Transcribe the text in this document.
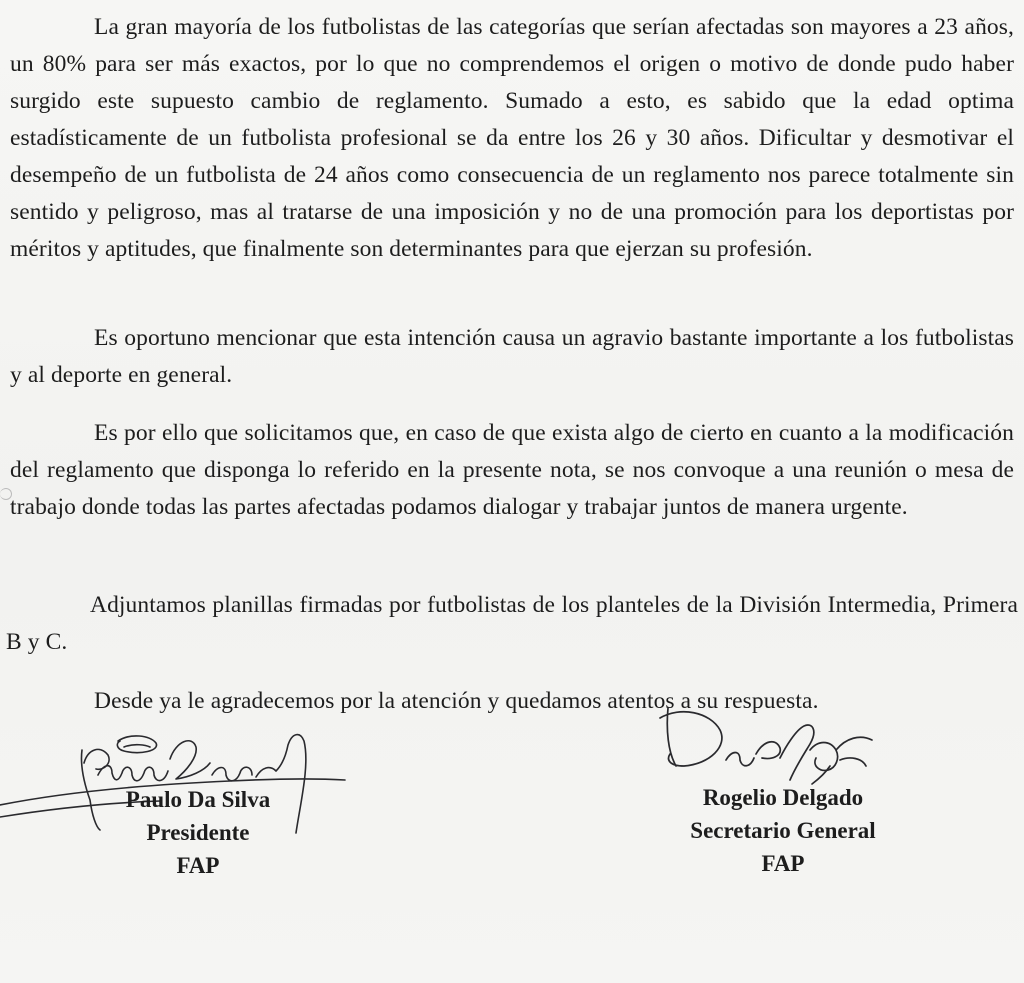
La gran mayoría de los futbolistas de las categorías que serían afectadas son mayores a 23 años, un 80% para ser más exactos, por lo que no comprendemos el origen o motivo de donde pudo haber surgido este supuesto cambio de reglamento. Sumado a esto, es sabido que la edad optima estadísticamente de un futbolista profesional se da entre los 26 y 30 años. Dificultar y desmotivar el desempeño de un futbolista de 24 años como consecuencia de un reglamento nos parece totalmente sin sentido y peligroso, mas al tratarse de una imposición y no de una promoción para los deportistas por méritos y aptitudes, que finalmente son determinantes para que ejerzan su profesión.

Es oportuno mencionar que esta intención causa un agravio bastante importante a los futbolistas y al deporte en general.

Es por ello que solicitamos que, en caso de que exista algo de cierto en cuanto a la modificación del reglamento que disponga lo referido en la presente nota, se nos convoque a una reunión o mesa de trabajo donde todas las partes afectadas podamos dialogar y trabajar juntos de manera urgente.

Adjuntamos planillas firmadas por futbolistas de los planteles de la División Intermedia, Primera B y C.

Desde ya le agradecemos por la atención y quedamos atentos a su respuesta.

Paulo Da Silva
Presidente
FAP
Rogelio Delgado
Secretario General
FAP
